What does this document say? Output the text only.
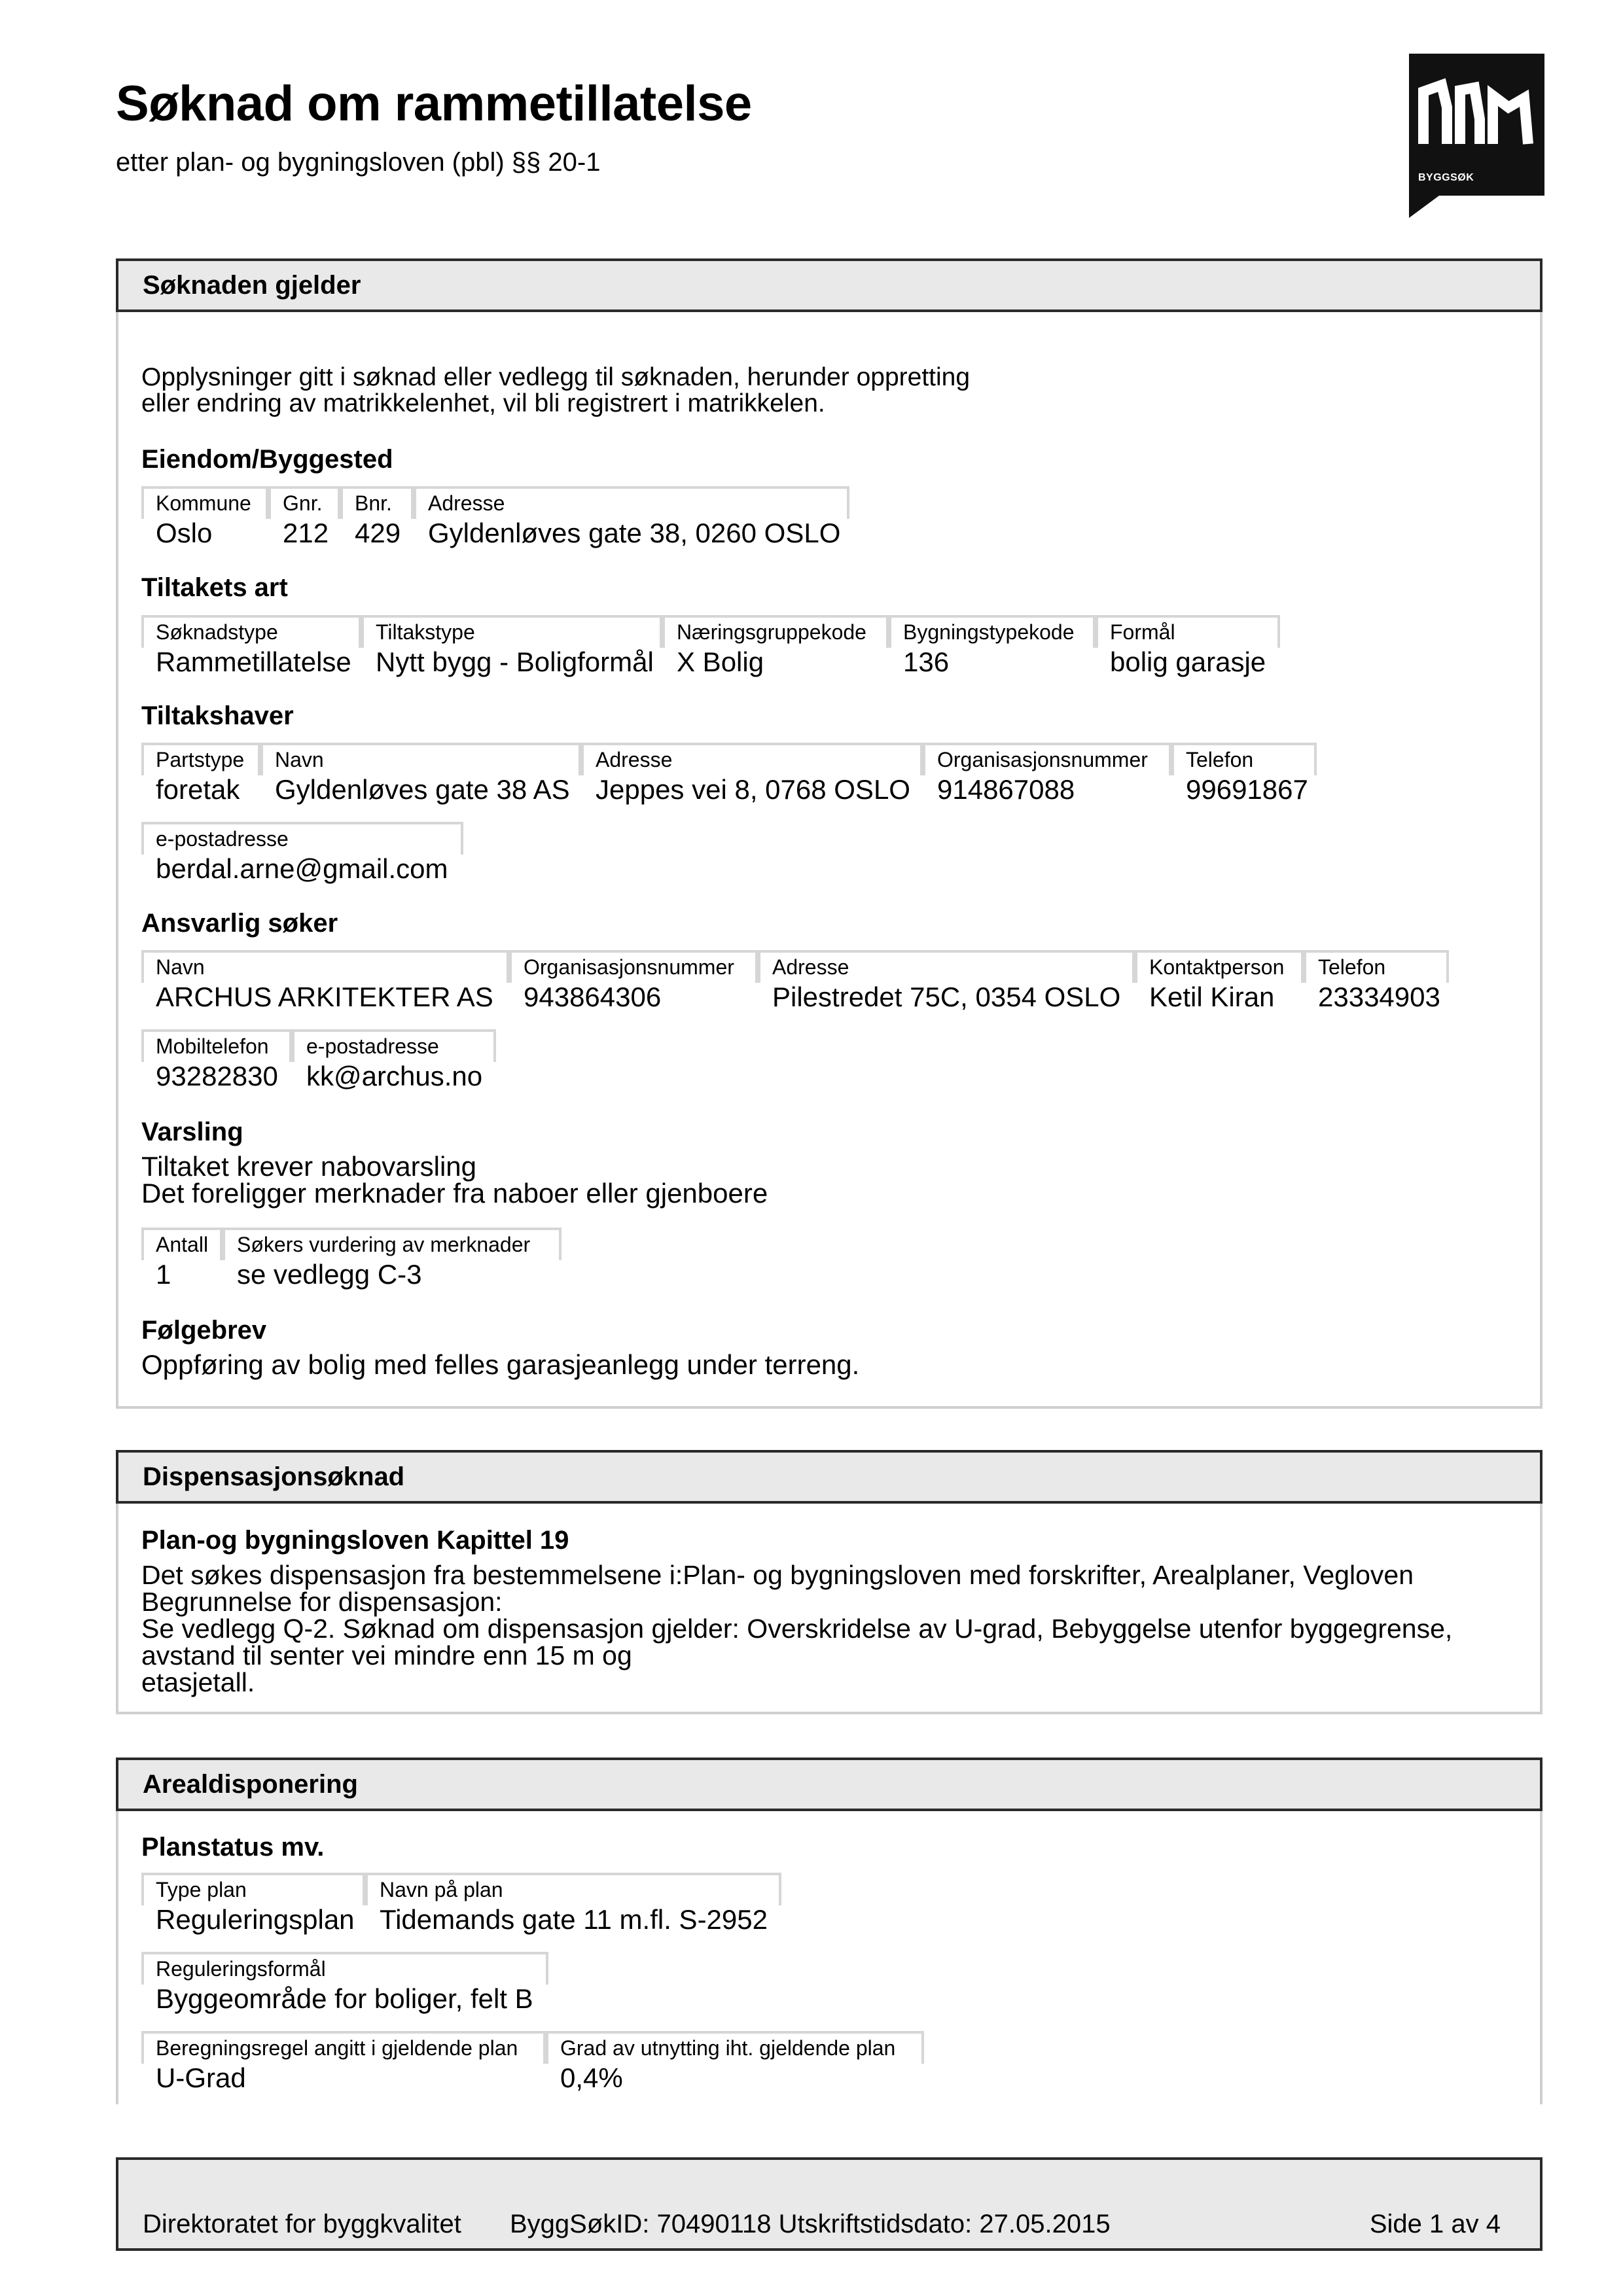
Søknad om rammetillatelse
etter plan- og bygningsloven (pbl) §§ 20-1
BYGGSØK
Søknaden gjelder
Opplysninger gitt i søknad eller vedlegg til søknaden, herunder oppretting
eller endring av matrikkelenhet, vil bli registrert i matrikkelen.
Eiendom/Byggested
Kommune
Oslo
Gnr.
212
Bnr.
429
Adresse
Gyldenløves gate 38, 0260 OSLO
Tiltakets art
Søknadstype
Rammetillatelse
Tiltakstype
Nytt bygg - Boligformål
Næringsgruppekode
X Bolig
Bygningstypekode
136
Formål
bolig garasje
Tiltakshaver
Partstype
foretak
Navn
Gyldenløves gate 38 AS
Adresse
Jeppes vei 8, 0768 OSLO
Organisasjonsnummer
914867088
Telefon
99691867
e-postadresse
berdal.arne@gmail.com
Ansvarlig søker
Navn
ARCHUS ARKITEKTER AS
Organisasjonsnummer
943864306
Adresse
Pilestredet 75C, 0354 OSLO
Kontaktperson
Ketil Kiran
Telefon
23334903
Mobiltelefon
93282830
e-postadresse
kk@archus.no
Varsling
Tiltaket krever nabovarsling
Det foreligger merknader fra naboer eller gjenboere
Antall
1
Søkers vurdering av merknader
se vedlegg C-3
Følgebrev
Oppføring av bolig med felles garasjeanlegg under terreng.
Dispensasjonsøknad
Plan-og bygningsloven Kapittel 19
Det søkes dispensasjon fra bestemmelsene i:Plan- og bygningsloven med forskrifter, Arealplaner, Vegloven
Begrunnelse for dispensasjon:
Se vedlegg Q-2. Søknad om dispensasjon gjelder: Overskridelse av U-grad, Bebyggelse utenfor byggegrense,
avstand til senter vei mindre enn 15 m og
etasjetall.
Arealdisponering
Planstatus mv.
Type plan
Reguleringsplan
Navn på plan
Tidemands gate 11 m.fl. S-2952
Reguleringsformål
Byggeområde for boliger, felt B
Beregningsregel angitt i gjeldende plan
U-Grad
Grad av utnytting iht. gjeldende plan
0,4%
Direktoratet for byggkvalitet ByggSøkID: 70490118 Utskriftstidsdato: 27.05.2015	Side 1 av 4
